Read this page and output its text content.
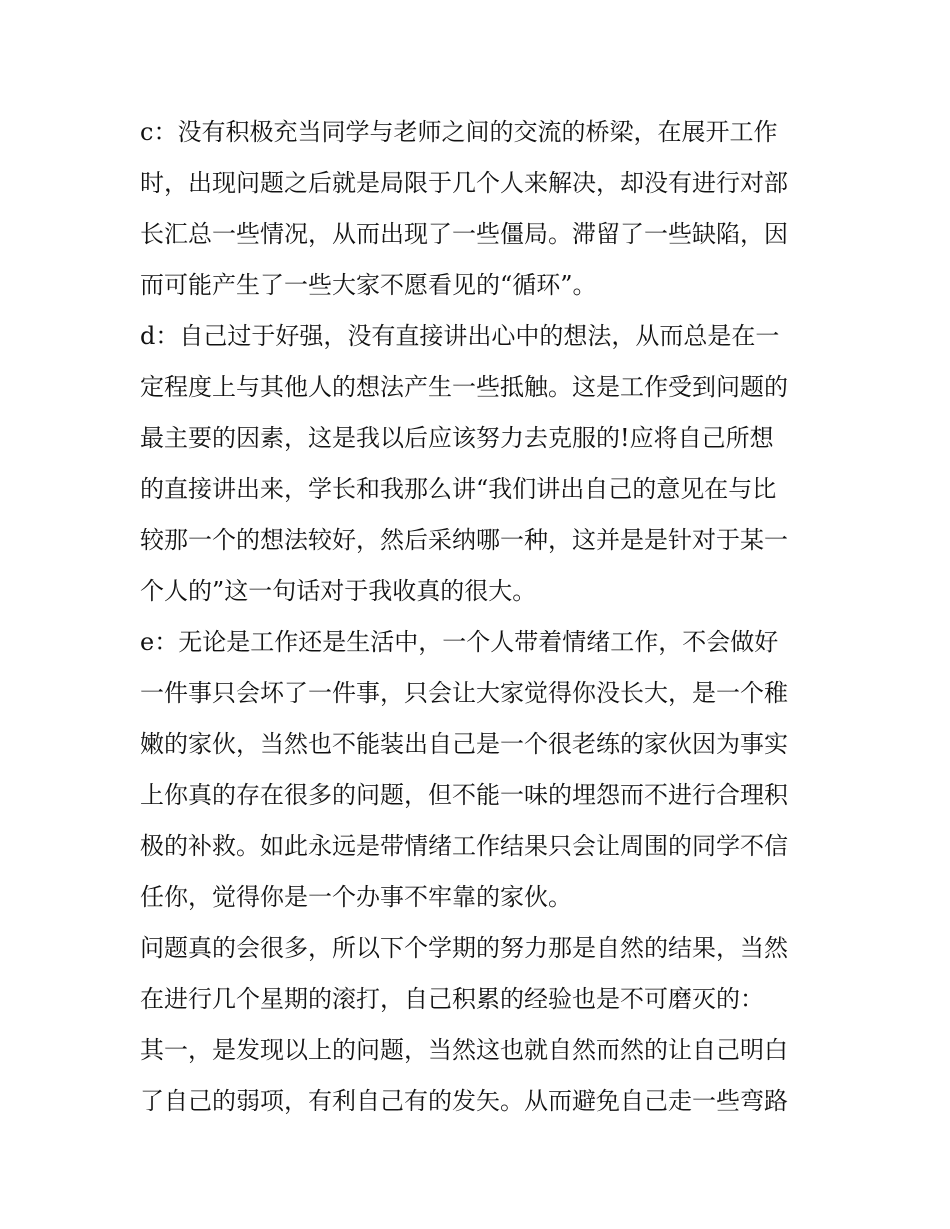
c：没有积极充当同学与老师之间的交流的桥梁，在展开工作
时，出现问题之后就是局限于几个人来解决，却没有进行对部
长汇总一些情况，从而出现了一些僵局。滞留了一些缺陷，因
而可能产生了一些大家不愿看见的“循环”。
d：自己过于好强，没有直接讲出心中的想法，从而总是在一
定程度上与其他人的想法产生一些抵触。这是工作受到问题的
最主要的因素，这是我以后应该努力去克服的!应将自己所想
的直接讲出来，学长和我那么讲“我们讲出自己的意见在与比
较那一个的想法较好，然后采纳哪一种，这并是是针对于某一
个人的”这一句话对于我收真的很大。
e：无论是工作还是生活中，一个人带着情绪工作，不会做好
一件事只会坏了一件事，只会让大家觉得你没长大，是一个稚
嫩的家伙，当然也不能装出自己是一个很老练的家伙因为事实
上你真的存在很多的问题，但不能一味的埋怨而不进行合理积
极的补救。如此永远是带情绪工作结果只会让周围的同学不信
任你，觉得你是一个办事不牢靠的家伙。
问题真的会很多，所以下个学期的努力那是自然的结果，当然
在进行几个星期的滚打，自己积累的经验也是不可磨灭的：
其一，是发现以上的问题，当然这也就自然而然的让自己明白
了自己的弱项，有利自己有的发矢。从而避免自己走一些弯路
